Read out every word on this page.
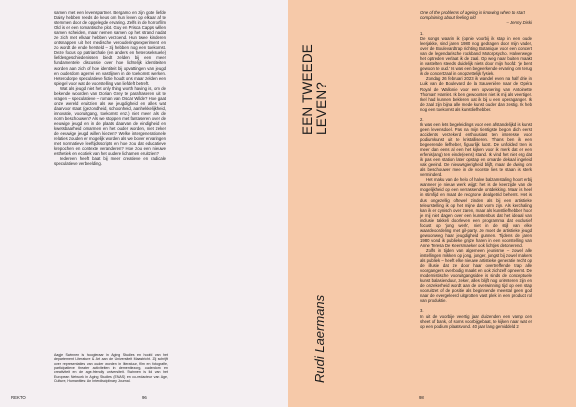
samen met een levenspartner. Bergamo en zijn gote liefde Daisy hebben reeds de keus om hun leven op elkaar af te stemmen door de opgelegde ervaring. Zelfs in de horrorfilm Old is er een romantische plot. Guy en Prisca Capps willen samen scheiden, maar nemen samen op het strand nadat ze zich met elkaar hebben verzoend. Hun twee kinderen ontsnappen uit het medische verouderingsexperiment en zo wordt de ende hersteld – zij hebben nog een toekomst. Deze focus op patriarchale (en anders en heteroseksuele) liefdesgeschiedenissen biedt zelden bij een meer fundamentele discussie over hoe lichtelijk identiteiten worden aan zich of hoe identiteit bij opvattingen van jeugd en ouderdom agerrei en vastlijnen in de toekomst werken. Heterodorpe speculatieve fictie houdt ons maar zelden een spiegel voor wat de voorstelling van liefdeft betreft.

Wat als jeugd niet het only thing worth having is, om de bekende woorden van Dorian Grey te parafraseren uit te vragen – speculatieve – roman van Oscar Wilde? Hoe gaat onze wereld eruitzien als we jeugdigheid en alles wat daarvoor staat (gezondheid, schoonheid, aanhekkelijkheid, innovatie, vooruitgang, toekomst enz.) niet meer als de norm beschouwen? Als we stoppen met fantaseren over de eeuwige jeugd en in de plaats daarvan de eindigheid en kwetsbaarheid omarmen en het ouder worden, niet zeker de eeuwige jeugd willen kiezen? Welke intergenerationele relaties zouden er mogelijk worden als we bover ervaringen met normatieve leeftijdsscripts en hoe zou dat educatieve krepochen en contexte veranderen? Hoe zou een nieuwe esthetiek en ecotiek van het oudere lichamen eruitzien?

Iedereen heeft baat bij meer creatieve en radicale speculatieve verbeelding.

Aagje Swinnen is hoogleraar in Aging Studies en hoofd van het departement Literature & Art aan de Universiteit Maastricht. Zij schrijft over representaties van ouder worden in literatuur, film en fotografie, participatieve theater activiteiten in dementiezorg, ouderdom en creativiteit en de age-friendly universiteit. Swinnen is lid van het European Network in Aging Studies (ENAS) en co-redacteur van Age, Culture, Humanities: An Interdisciplinary Journal.
REKTO	96
EEN TWEEDE
LEVEN?
Rudi Laermans
One of the problems of ageing is knowing when to start complaining about feeling old
– Jenny Diski

1.

De songs waarin ik (opnie voorbij ik stap in een oude leerjakke, sind jaren 1980 nog gedragen door mijn vader, over de Boulevardtrap richting Botanique voor een concert van de legendarische rockband Motorpsycho. Halverwege het optreden verlaat ik de zaal. Op weg naar buiten maakt in vastelten steeds duidelijk niets door mijn hoofd: 'je bent gewoon te oud.' Is was een begeerkende ervaring om terug ik de concertzaal in onopzettelijk fysiek.

Zondag 26 februari 2023 ik wandel even na half drie in Luik van de Boulevard de la Sauvenière naar de Opéra Royal de Wallonie voor een opvoering van Antoinette Thomas' Hamlet. Ik ben gewoonten niet ik mij als veertiger. Ikel had kunnen bekleren oat ik bij u een operaganger. Ik de zaal zijn bijna alle mede kunst ouder dan zestig. Ik heb nog een toekomst als kunstliefhebber.

2.

Ik was een lets begeleidings voor een afstandelijkd is kunst geen levensdoel. Pas na mijn tientigste begon dich eerst accidents verzekerd enthousiast ten interesse voor podiumkunst uit te kristalliseren. Thans ben ik een begeerende liefheber, figuurlijk lucst. De unfolded tren is meer dan eens al een het kijken voor ik merk dat er een erfenis(ang) ten einde(eens) stand. Ik vind het niet erg dat ik pas een station later opstap en omarde dekaal ingeleid vak geeind. De nieuwsgierigheid blijft, maar de dwing om als beschouwer mee in de voorste lies te staan is sterk verminderd.

Het maku van de helo of halve balzamstaling hoort erbij wanneer je nieuw werk wijgt: het is de keerzijde van de mogelijkheid op een verrassende ontdekking. Maar is heel in stimfijd en maat de recgrone dealgetrid behemt. Het is dus ongezellig oftewel zinden als bij een artistieke teleurstelling ik op het mijne dat vorm zijn. Als kerchaling kan ik er cynisch over zaren, maar als kunstliefhebber hoor je mij niet dagen over een kunstenbus dat het ideaal van inclusie takkeli doorleven een programma dat exclusief focust op 'jong werk', niet in de stijl van elke waardeoordeling met gil-party. Je moet de artistieke jeugd gewoonweg haar jeugdigheid gunnen. Tijdens de jaren 1980 vond ik publieke grijze haren in een voorstelling van Anne Teresa De Keersmaeker ook lichtjes detonerend.

Zolfs in tijden van algemeen jeunisme – zowel alle instellingen mikken op jong, jonger, jongst bij zowel makers als publiek – heeft elke nieuwe artistieke generatie recht op de illusie dat ze door haar overtreffende trap alle voorgangers overbodig maakt en ook zichzelf opneemt. De modernistische vooruitgangsidee is sinds de conceptuele kunst balasienduur, zeker, alles blijft nog oriënteren zijn en de onzekerheid wordt aan de overwinning tijd op een stap vooruitzet of de positie als beginnende meestal geen god naar de evergeleerd uitgrotten vast plek in een product rol van produktie.

3.

In uit de voorbije veertig jaar duizenden een vamp cen sheet of bank, of soms voorbijgebaat, te kijken naar wat er op een podium plaatsvond. 40 jaar lang gemiddeld 2

98
